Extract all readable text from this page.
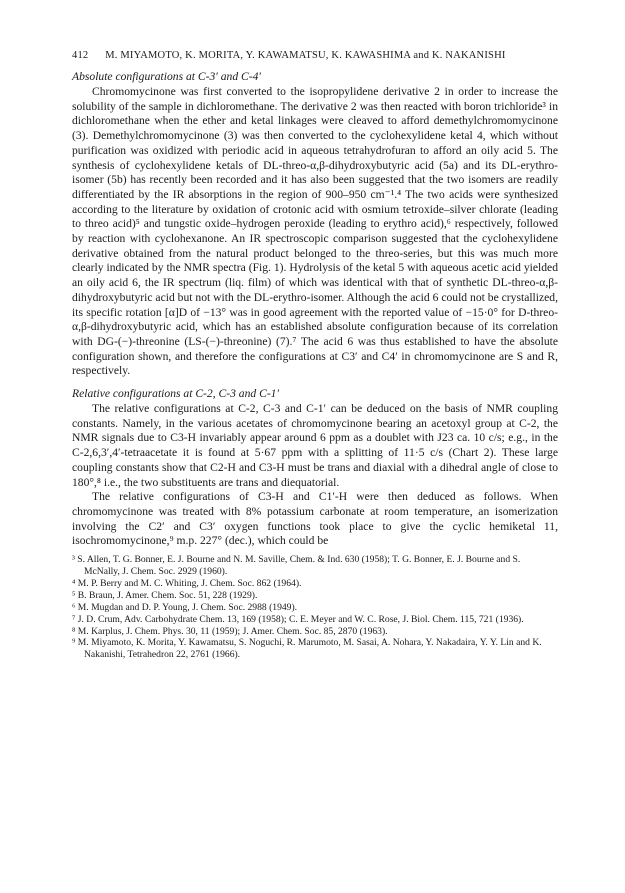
412 M. MIYAMOTO, K. MORITA, Y. KAWAMATSU, K. KAWASHIMA and K. NAKANISHI
Absolute configurations at C-3′ and C-4′

Chromomycinone was first converted to the isopropylidene derivative 2 in order to increase the solubility of the sample in dichloromethane. The derivative 2 was then reacted with boron trichloride³ in dichloromethane when the ether and ketal linkages were cleaved to afford demethylchromomycinone (3). Demethylchromomycinone (3) was then converted to the cyclohexylidene ketal 4, which without purification was oxidized with periodic acid in aqueous tetrahydrofuran to afford an oily acid 5. The synthesis of cyclohexylidene ketals of DL-threo-α,β-dihydroxybutyric acid (5a) and its DL-erythro-isomer (5b) has recently been recorded and it has also been suggested that the two isomers are readily differentiated by the IR absorptions in the region of 900–950 cm⁻¹.⁴ The two acids were synthesized according to the literature by oxidation of crotonic acid with osmium tetroxide–silver chlorate (leading to threo acid)⁵ and tungstic oxide–hydrogen peroxide (leading to erythro acid),⁶ respectively, followed by reaction with cyclohexanone. An IR spectroscopic comparison suggested that the cyclohexylidene derivative obtained from the natural product belonged to the threo-series, but this was much more clearly indicated by the NMR spectra (Fig. 1). Hydrolysis of the ketal 5 with aqueous acetic acid yielded an oily acid 6, the IR spectrum (liq. film) of which was identical with that of synthetic DL-threo-α,β-dihydroxybutyric acid but not with the DL-erythro-isomer. Although the acid 6 could not be crystallized, its specific rotation [α]D of −13° was in good agreement with the reported value of −15·0° for D-threo-α,β-dihydroxybutyric acid, which has an established absolute configuration because of its correlation with DG-(−)-threonine (LS-(−)-threonine) (7).⁷ The acid 6 was thus established to have the absolute configuration shown, and therefore the configurations at C3′ and C4′ in chromomycinone are S and R, respectively.

Relative configurations at C-2, C-3 and C-1′

The relative configurations at C-2, C-3 and C-1′ can be deduced on the basis of NMR coupling constants. Namely, in the various acetates of chromomycinone bearing an acetoxyl group at C-2, the NMR signals due to C3-H invariably appear around 6 ppm as a doublet with J23 ca. 10 c/s; e.g., in the C-2,6,3′,4′-tetraacetate it is found at 5·67 ppm with a splitting of 11·5 c/s (Chart 2). These large coupling constants show that C2-H and C3-H must be trans and diaxial with a dihedral angle of close to 180°,⁸ i.e., the two substituents are trans and diequatorial.

The relative configurations of C3-H and C1′-H were then deduced as follows. When chromomycinone was treated with 8% potassium carbonate at room temperature, an isomerization involving the C2′ and C3′ oxygen functions took place to give the cyclic hemiketal 11, isochromomycinone,⁹ m.p. 227° (dec.), which could be

³ S. Allen, T. G. Bonner, E. J. Bourne and N. M. Saville, Chem. & Ind. 630 (1958); T. G. Bonner, E. J. Bourne and S. McNally, J. Chem. Soc. 2929 (1960).
⁴ M. P. Berry and M. C. Whiting, J. Chem. Soc. 862 (1964).
⁵ B. Braun, J. Amer. Chem. Soc. 51, 228 (1929).
⁶ M. Mugdan and D. P. Young, J. Chem. Soc. 2988 (1949).
⁷ J. D. Crum, Adv. Carbohydrate Chem. 13, 169 (1958); C. E. Meyer and W. C. Rose, J. Biol. Chem. 115, 721 (1936).
⁸ M. Karplus, J. Chem. Phys. 30, 11 (1959); J. Amer. Chem. Soc. 85, 2870 (1963).
⁹ M. Miyamoto, K. Morita, Y. Kawamatsu, S. Noguchi, R. Marumoto, M. Sasai, A. Nohara, Y. Nakadaira, Y. Y. Lin and K. Nakanishi, Tetrahedron 22, 2761 (1966).
